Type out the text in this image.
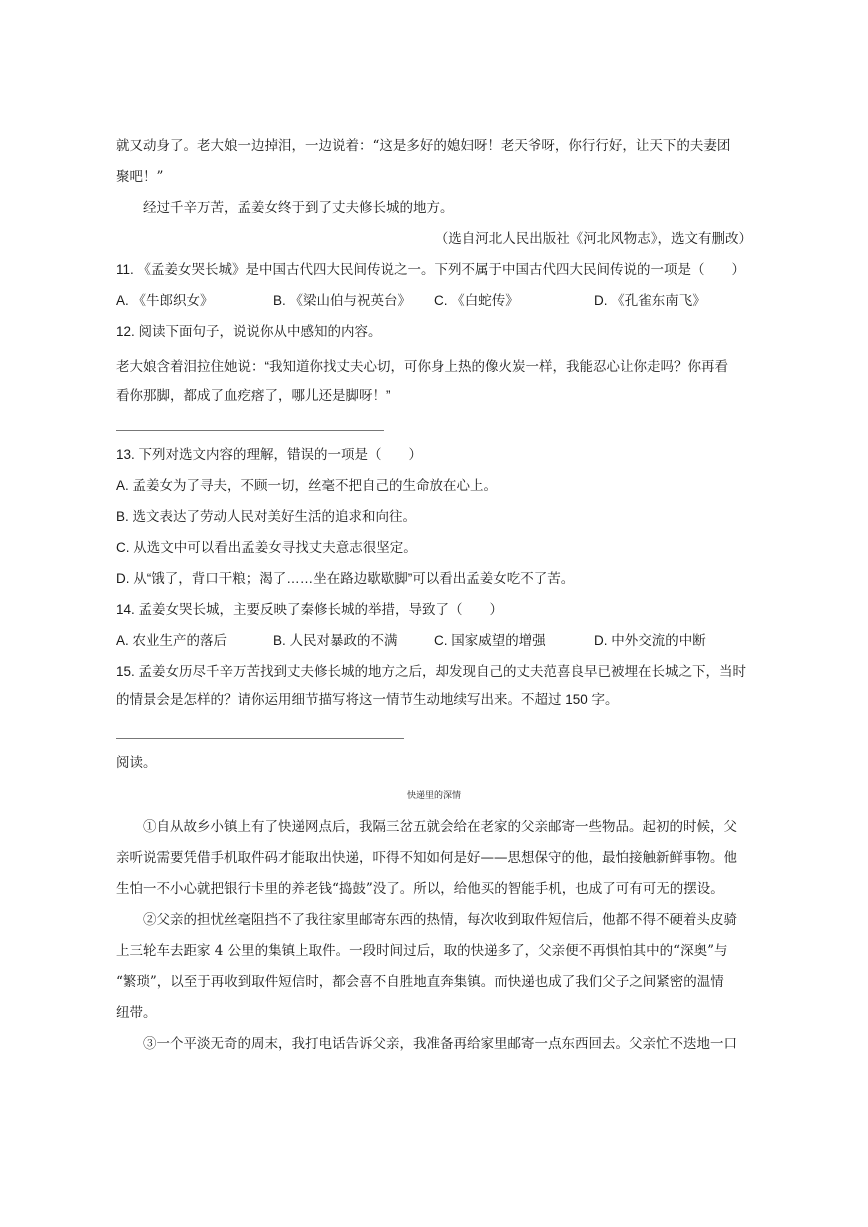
就又动身了。老大娘一边掉泪，一边说着：“这是多好的媳妇呀！老天爷呀，你行行好，让天下的夫妻团
聚吧！”
经过千辛万苦，孟姜女终于到了丈夫修长城的地方。
（选自河北人民出版社《河北风物志》，选文有删改）
11. 《孟姜女哭长城》是中国古代四大民间传说之一。下列不属于中国古代四大民间传说的一项是（　　）
A. 《牛郎织女》	B. 《梁山伯与祝英台》 C. 《白蛇传》	D. 《孔雀东南飞》
12. 阅读下面句子，说说你从中感知的内容。
老大娘含着泪拉住她说：“我知道你找丈夫心切，可你身上热的像火炭一样，我能忍心让你走吗？你再看
看你那脚，都成了血疙瘩了，哪儿还是脚呀！”
13. 下列对选文内容的理解，错误的一项是（　　）
A. 孟姜女为了寻夫，不顾一切，丝毫不把自己的生命放在心上。
B. 选文表达了劳动人民对美好生活的追求和向往。
C. 从选文中可以看出孟姜女寻找丈夫意志很坚定。
D. 从“饿了，背口干粮；渴了……坐在路边歇歇脚”可以看出孟姜女吃不了苦。
14. 孟姜女哭长城，主要反映了秦修长城的举措，导致了（　　）
A. 农业生产的落后	B. 人民对暴政的不满	C. 国家威望的增强	D. 中外交流的中断
15. 孟姜女历尽千辛万苦找到丈夫修长城的地方之后，却发现自己的丈夫范喜良早已被埋在长城之下，当时
的情景会是怎样的？请你运用细节描写将这一情节生动地续写出来。不超过 150 字。
阅读。
快递里的深情
①自从故乡小镇上有了快递网点后，我隔三岔五就会给在老家的父亲邮寄一些物品。起初的时候，父
亲听说需要凭借手机取件码才能取出快递，吓得不知如何是好——思想保守的他，最怕接触新鲜事物。他
生怕一不小心就把银行卡里的养老钱“捣鼓”没了。所以，给他买的智能手机，也成了可有可无的摆设。
②父亲的担忧丝毫阻挡不了我往家里邮寄东西的热情，每次收到取件短信后，他都不得不硬着头皮骑
上三轮车去距家 4 公里的集镇上取件。一段时间过后，取的快递多了，父亲便不再惧怕其中的“深奥”与
“繁琐”，以至于再收到取件短信时，都会喜不自胜地直奔集镇。而快递也成了我们父子之间紧密的温情
纽带。
③一个平淡无奇的周末，我打电话告诉父亲，我准备再给家里邮寄一点东西回去。父亲忙不迭地一口
